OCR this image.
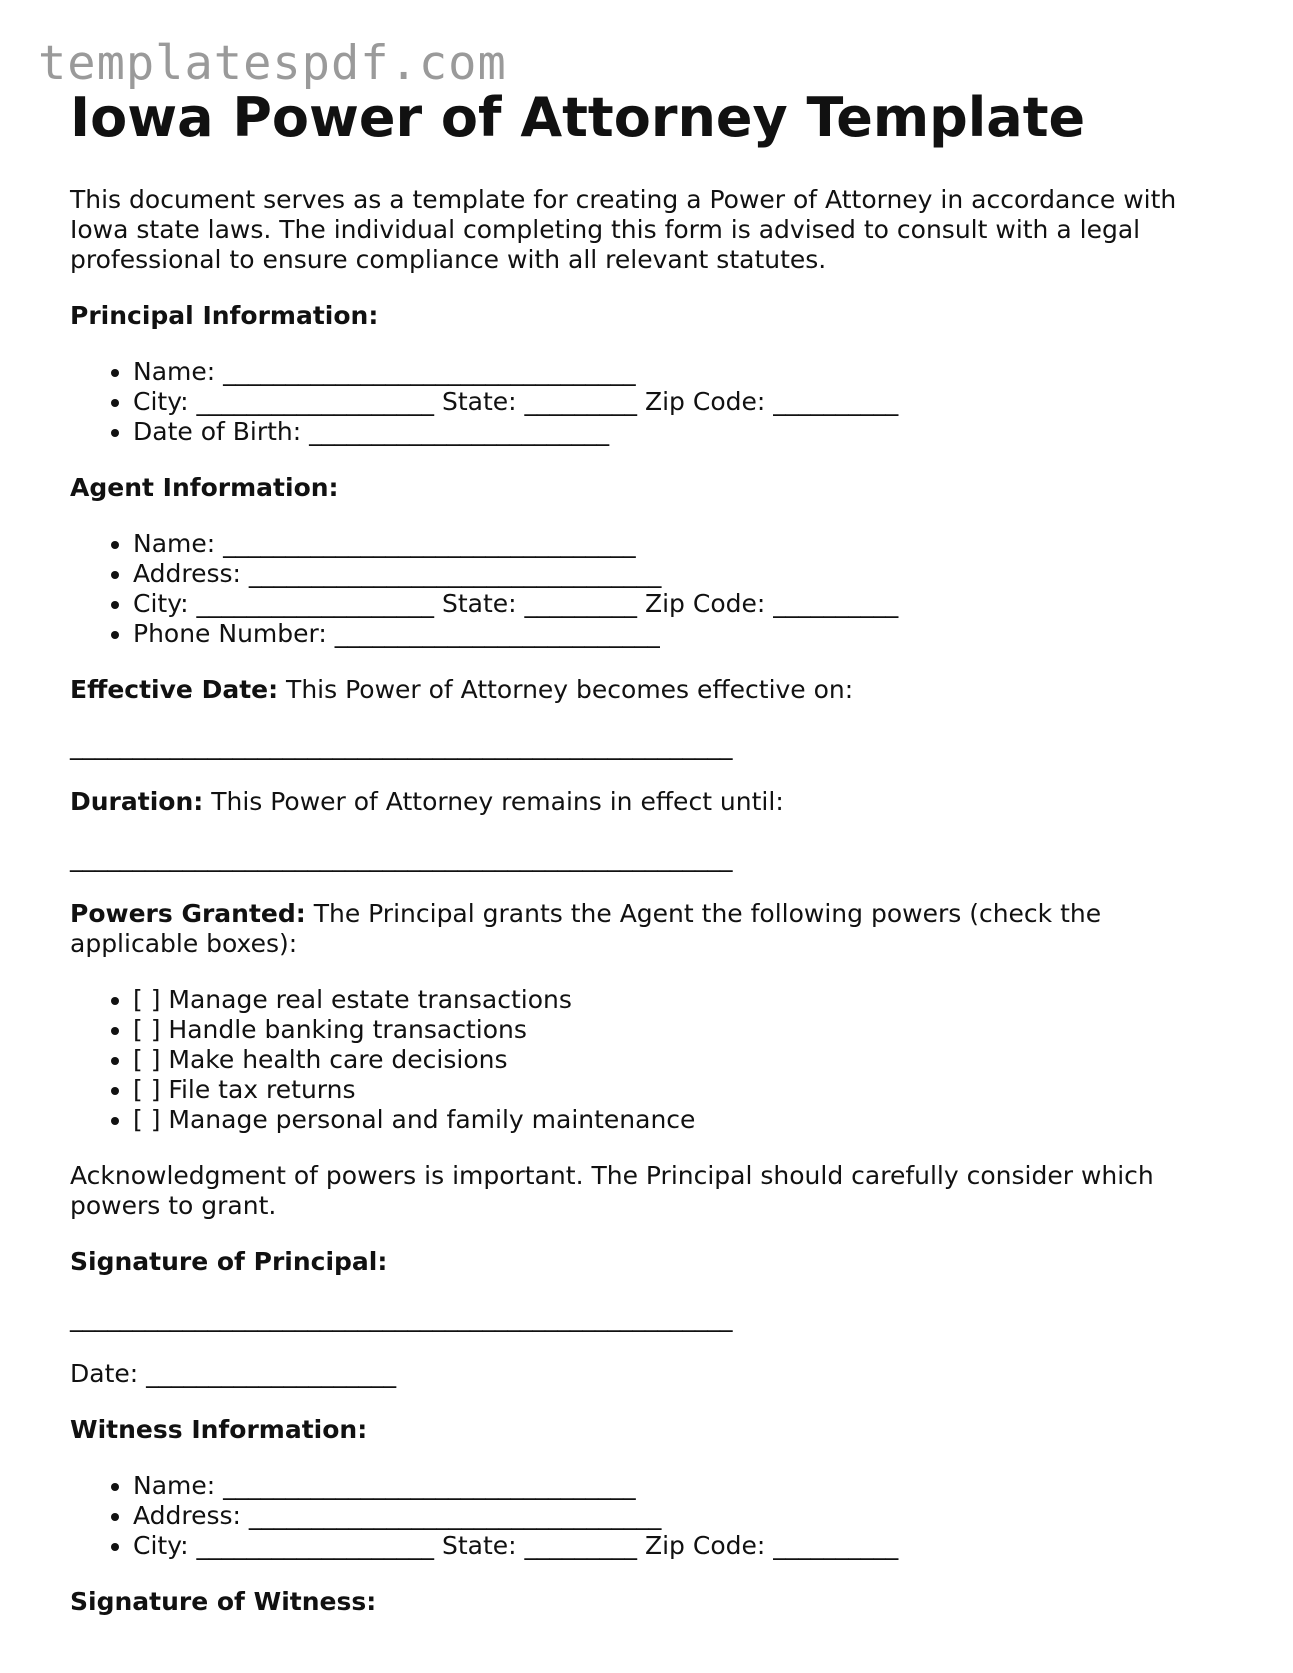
templatespdf.com
Iowa Power of Attorney Template

This document serves as a template for creating a Power of Attorney in accordance with Iowa state laws. The individual completing this form is advised to consult with a legal professional to ensure compliance with all relevant statutes.

Principal Information:

• Name: _________________________________
• City: ___________________ State: _________ Zip Code: __________
• Date of Birth: ________________________

Agent Information:

• Name: _________________________________
• Address: _________________________________
• City: ___________________ State: _________ Zip Code: __________
• Phone Number: __________________________

Effective Date: This Power of Attorney becomes effective on:

_____________________________________________________

Duration: This Power of Attorney remains in effect until:

_____________________________________________________

Powers Granted: The Principal grants the Agent the following powers (check the applicable boxes):

• [ ] Manage real estate transactions
• [ ] Handle banking transactions
• [ ] Make health care decisions
• [ ] File tax returns
• [ ] Manage personal and family maintenance

Acknowledgment of powers is important. The Principal should carefully consider which powers to grant.

Signature of Principal:

_____________________________________________________

Date: ____________________

Witness Information:

• Name: _________________________________
• Address: _________________________________
• City: ___________________ State: _________ Zip Code: __________

Signature of Witness:
